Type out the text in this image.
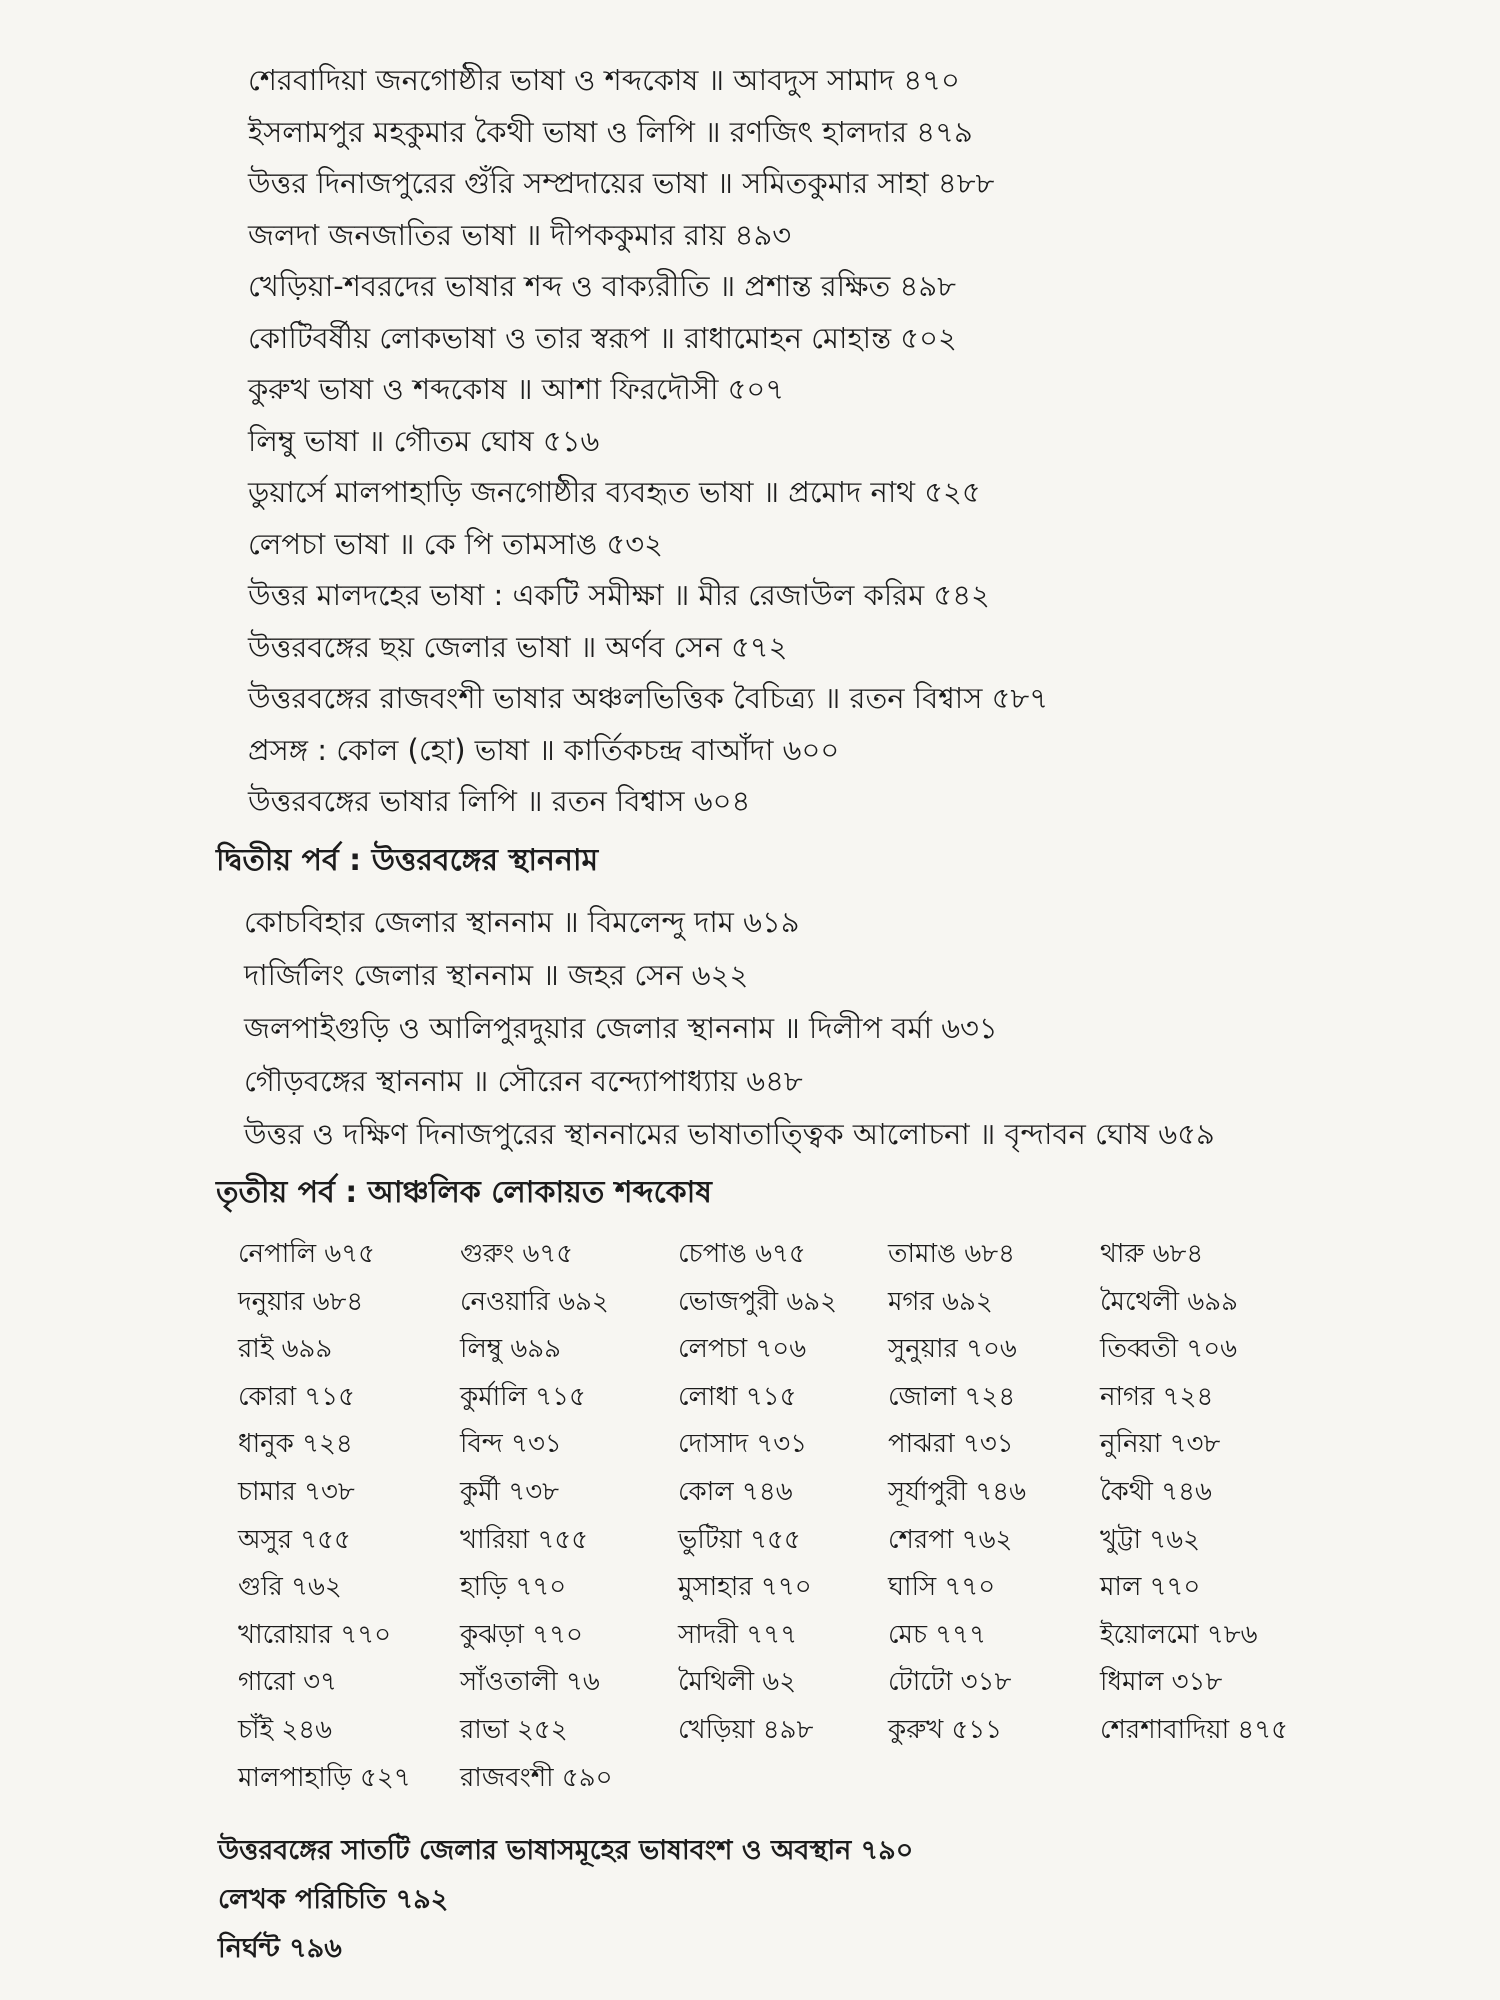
শেরবাদিয়া জনগোষ্ঠীর ভাষা ও শব্দকোষ ॥ আবদুস সামাদ ৪৭০
ইসলামপুর মহকুমার কৈথী ভাষা ও লিপি ॥ রণজিৎ হালদার ৪৭৯
উত্তর দিনাজপুরের গুঁরি সম্প্রদায়ের ভাষা ॥ সমিতকুমার সাহা ৪৮৮
জলদা জনজাতির ভাষা ॥ দীপককুমার রায় ৪৯৩
খেড়িয়া-শবরদের ভাষার শব্দ ও বাক্যরীতি ॥ প্রশান্ত রক্ষিত ৪৯৮
কোটিবর্ষীয় লোকভাষা ও তার স্বরূপ ॥ রাধামোহন মোহান্ত ৫০২
কুরুখ ভাষা ও শব্দকোষ ॥ আশা ফিরদৌসী ৫০৭
লিম্বু ভাষা ॥ গৌতম ঘোষ ৫১৬
ডুয়ার্সে মালপাহাড়ি জনগোষ্ঠীর ব্যবহৃত ভাষা ॥ প্রমোদ নাথ ৫২৫
লেপচা ভাষা ॥ কে পি তামসাঙ ৫৩২
উত্তর মালদহের ভাষা : একটি সমীক্ষা ॥ মীর রেজাউল করিম ৫৪২
উত্তরবঙ্গের ছয় জেলার ভাষা ॥ অর্ণব সেন ৫৭২
উত্তরবঙ্গের রাজবংশী ভাষার অঞ্চলভিত্তিক বৈচিত্র্য ॥ রতন বিশ্বাস ৫৮৭
প্রসঙ্গ : কোল (হো) ভাষা ॥ কার্তিকচন্দ্র বাআঁদা ৬০০
উত্তরবঙ্গের ভাষার লিপি ॥ রতন বিশ্বাস ৬০৪
দ্বিতীয় পর্ব : উত্তরবঙ্গের স্থাননাম
কোচবিহার জেলার স্থাননাম ॥ বিমলেন্দু দাম ৬১৯
দার্জিলিং জেলার স্থাননাম ॥ জহর সেন ৬২২
জলপাইগুড়ি ও আলিপুরদুয়ার জেলার স্থাননাম ॥ দিলীপ বর্মা ৬৩১
গৌড়বঙ্গের স্থাননাম ॥ সৌরেন বন্দ্যোপাধ্যায় ৬৪৮
উত্তর ও দক্ষিণ দিনাজপুরের স্থাননামের ভাষাতাত্ত্বিক আলোচনা ॥ বৃন্দাবন ঘোষ ৬৫৯
তৃতীয় পর্ব : আঞ্চলিক লোকায়ত শব্দকোষ
নেপালি ৬৭৫	গুরুং ৬৭৫	চেপাঙ ৬৭৫	তামাঙ ৬৮৪	থারু ৬৮৪
দনুয়ার ৬৮৪	নেওয়ারি ৬৯২	ভোজপুরী ৬৯২ মগর ৬৯২	মৈথেলী ৬৯৯
রাই ৬৯৯	লিম্বু ৬৯৯	লেপচা ৭০৬	সুনুয়ার ৭০৬	তিব্বতী ৭০৬
কোরা ৭১৫	কুর্মালি ৭১৫	লোধা ৭১৫	জোলা ৭২৪	নাগর ৭২৪
ধানুক ৭২৪	বিন্দ ৭৩১	দোসাদ ৭৩১	পাঝরা ৭৩১	নুনিয়া ৭৩৮
চামার ৭৩৮	কুর্মী ৭৩৮	কোল ৭৪৬	সূর্যাপুরী ৭৪৬	কৈথী ৭৪৬
অসুর ৭৫৫	খারিয়া ৭৫৫	ভুটিয়া ৭৫৫	শেরপা ৭৬২	খুট্টা ৭৬২
গুরি ৭৬২	হাড়ি ৭৭০	মুসাহার ৭৭০	ঘাসি ৭৭০	মাল ৭৭০
খারোয়ার ৭৭০	কুঝড়া ৭৭০	সাদরী ৭৭৭	মেচ ৭৭৭	ইয়োলমো ৭৮৬
গারো ৩৭	সাঁওতালী ৭৬	মৈথিলী ৬২	টোটো ৩১৮	ধিমাল ৩১৮
চাঁই ২৪৬	রাভা ২৫২	খেড়িয়া ৪৯৮	কুরুখ ৫১১	শেরশাবাদিয়া ৪৭৫
মালপাহাড়ি ৫২৭ রাজবংশী ৫৯০
উত্তরবঙ্গের সাতটি জেলার ভাষাসমূহের ভাষাবংশ ও অবস্থান ৭৯০
লেখক পরিচিতি ৭৯২
নির্ঘন্ট ৭৯৬
